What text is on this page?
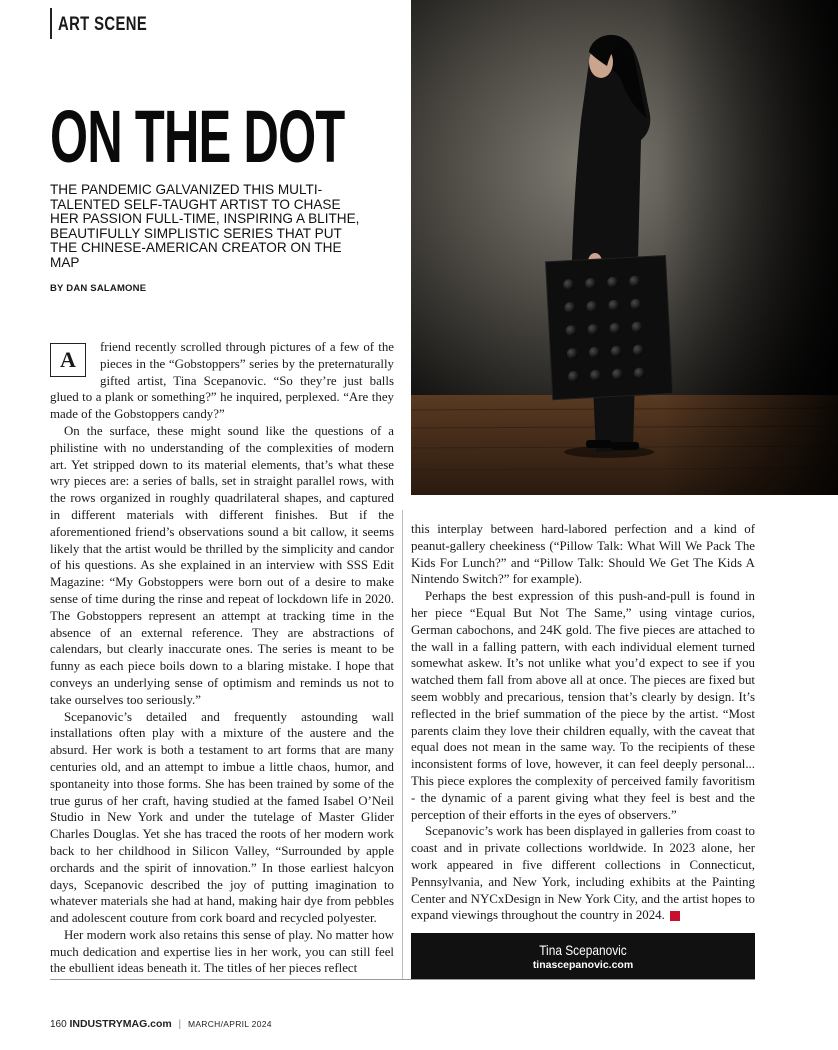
ART SCENE
ON THE DOT
THE PANDEMIC GALVANIZED THIS MULTI-TALENTED SELF-TAUGHT ARTIST TO CHASE HER PASSION FULL-TIME, INSPIRING A BLITHE, BEAUTIFULLY SIMPLISTIC SERIES THAT PUT THE CHINESE-AMERICAN CREATOR ON THE MAP
BY DAN SALAMONE

A	friend recently scrolled through pictures of a few of the pieces in the “Gobstoppers” series by the preternaturally gifted artist, Tina Scepanovic. “So they’re just balls glued to a plank or something?” he inquired, perplexed. “Are they made of the Gobstoppers candy?”

On the surface, these might sound like the questions of a philistine with no understanding of the complexities of modern art. Yet stripped down to its material elements, that’s what these wry pieces are: a series of balls, set in straight parallel rows, with the rows organized in roughly quadrilateral shapes, and captured in different materials with different finishes. But if the aforementioned friend’s observations sound a bit callow, it seems likely that the artist would be thrilled by the simplicity and candor of his questions. As she explained in an interview with SSS Edit Magazine: “My Gobstoppers were born out of a desire to make sense of time during the rinse and repeat of lockdown life in 2020. The Gobstoppers represent an attempt at tracking time in the absence of an external reference. They are abstractions of calendars, but clearly inaccurate ones. The series is meant to be funny as each piece boils down to a blaring mistake. I hope that conveys an underlying sense of optimism and reminds us not to take ourselves too seriously.”

Scepanovic’s detailed and frequently astounding wall installations often play with a mixture of the austere and the absurd. Her work is both a testament to art forms that are many centuries old, and an attempt to imbue a little chaos, humor, and spontaneity into those forms. She has been trained by some of the true gurus of her craft, having studied at the famed Isabel O’Neil Studio in New York and under the tutelage of Master Glider Charles Douglas. Yet she has traced the roots of her modern work back to her childhood in Silicon Valley, “Surrounded by apple orchards and the spirit of innovation.” In those earliest halcyon days, Scepanovic described the joy of putting imagination to whatever materials she had at hand, making hair dye from pebbles and adolescent couture from cork board and recycled polyester.

Her modern work also retains this sense of play. No matter how much dedication and expertise lies in her work, you can still feel the ebullient ideas beneath it. The titles of her pieces reflect

this interplay between hard-labored perfection and a kind of peanut-gallery cheekiness (“Pillow Talk: What Will We Pack The Kids For Lunch?” and “Pillow Talk: Should We Get The Kids A Nintendo Switch?” for example).

Perhaps the best expression of this push-and-pull is found in her piece “Equal But Not The Same,” using vintage curios, German cabochons, and 24K gold. The five pieces are attached to the wall in a falling pattern, with each individual element turned somewhat askew. It’s not unlike what you’d expect to see if you watched them fall from above all at once. The pieces are fixed but seem wobbly and precarious, tension that’s clearly by design. It’s reflected in the brief summation of the piece by the artist. “Most parents claim they love their children equally, with the caveat that equal does not mean in the same way. To the recipients of these inconsistent forms of love, however, it can feel deeply personal... This piece explores the complexity of perceived family favoritism - the dynamic of a parent giving what they feel is best and the perception of their efforts in the eyes of observers.”

Scepanovic’s work has been displayed in galleries from coast to coast and in private collections worldwide. In 2023 alone, her work appeared in five different collections in Connecticut, Pennsylvania, and New York, including exhibits at the Painting Center and NYCxDesign in New York City, and the artist hopes to expand viewings throughout the country in 2024. I

Tina Scepanovic
tinascepanovic.com
160 INDUSTRYMAG.com | MARCH/APRIL 2024
